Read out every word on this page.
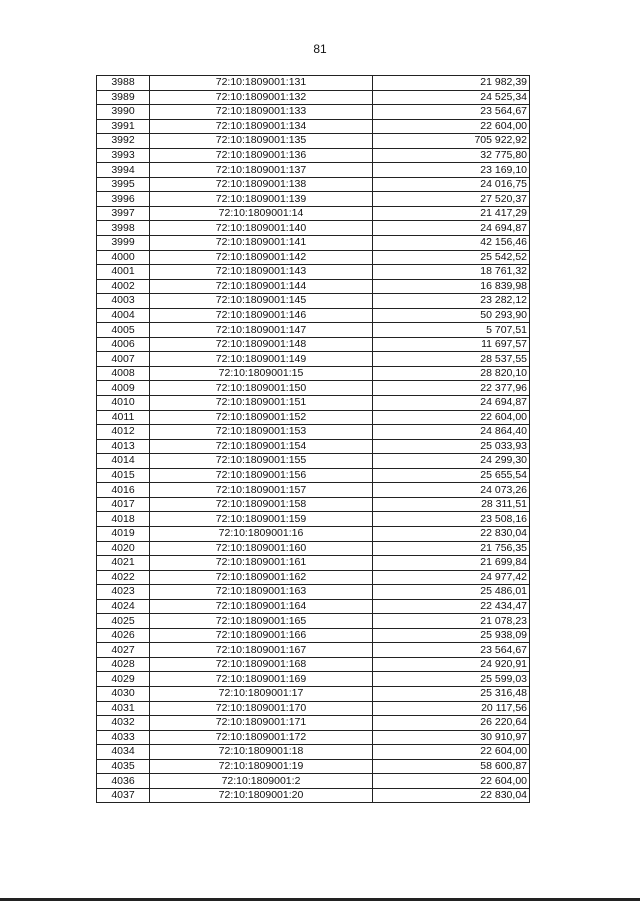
81
3988	72:10:1809001:131	21 982,39
3989	72:10:1809001:132	24 525,34
3990	72:10:1809001:133	23 564,67
3991	72:10:1809001:134	22 604,00
3992	72:10:1809001:135	705 922,92
3993	72:10:1809001:136	32 775,80
3994	72:10:1809001:137	23 169,10
3995	72:10:1809001:138	24 016,75
3996	72:10:1809001:139	27 520,37
3997	72:10:1809001:14	21 417,29
3998	72:10:1809001:140	24 694,87
3999	72:10:1809001:141	42 156,46
4000	72:10:1809001:142	25 542,52
4001	72:10:1809001:143	18 761,32
4002	72:10:1809001:144	16 839,98
4003	72:10:1809001:145	23 282,12
4004	72:10:1809001:146	50 293,90
4005	72:10:1809001:147	5 707,51
4006	72:10:1809001:148	11 697,57
4007	72:10:1809001:149	28 537,55
4008	72:10:1809001:15	28 820,10
4009	72:10:1809001:150	22 377,96
4010	72:10:1809001:151	24 694,87
4011	72:10:1809001:152	22 604,00
4012	72:10:1809001:153	24 864,40
4013	72:10:1809001:154	25 033,93
4014	72:10:1809001:155	24 299,30
4015	72:10:1809001:156	25 655,54
4016	72:10:1809001:157	24 073,26
4017	72:10:1809001:158	28 311,51
4018	72:10:1809001:159	23 508,16
4019	72:10:1809001:16	22 830,04
4020	72:10:1809001:160	21 756,35
4021	72:10:1809001:161	21 699,84
4022	72:10:1809001:162	24 977,42
4023	72:10:1809001:163	25 486,01
4024	72:10:1809001:164	22 434,47
4025	72:10:1809001:165	21 078,23
4026	72:10:1809001:166	25 938,09
4027	72:10:1809001:167	23 564,67
4028	72:10:1809001:168	24 920,91
4029	72:10:1809001:169	25 599,03
4030	72:10:1809001:17	25 316,48
4031	72:10:1809001:170	20 117,56
4032	72:10:1809001:171	26 220,64
4033	72:10:1809001:172	30 910,97
4034	72:10:1809001:18	22 604,00
4035	72:10:1809001:19	58 600,87
4036	72:10:1809001:2	22 604,00
4037	72:10:1809001:20	22 830,04
